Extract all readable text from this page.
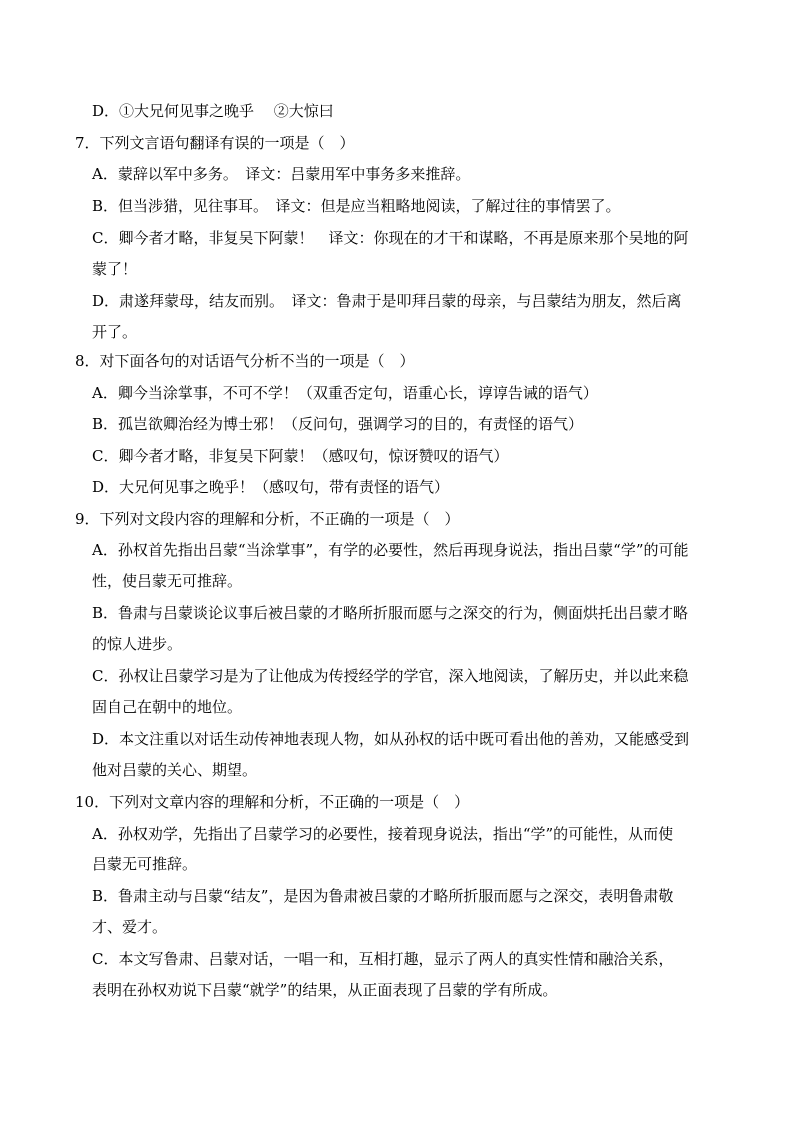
D．①大兄何见事之晚乎　 ②大惊曰
7．下列文言语句翻译有误的一项是（　）
A．蒙辞以军中多务。　译文：吕蒙用军中事务多来推辞。
B．但当涉猎，见往事耳。　译文：但是应当粗略地阅读，了解过往的事情罢了。
C．卿今者才略，非复吴下阿蒙！　译文：你现在的才干和谋略，不再是原来那个吴地的阿
蒙了！
D．肃遂拜蒙母，结友而别。　译文：鲁肃于是叩拜吕蒙的母亲，与吕蒙结为朋友，然后离
开了。
8．对下面各句的对话语气分析不当的一项是（　）
A．卿今当涂掌事，不可不学！（双重否定句，语重心长，谆谆告诫的语气）
B．孤岂欲卿治经为博士邪！（反问句，强调学习的目的，有责怪的语气）
C．卿今者才略，非复吴下阿蒙！（感叹句，惊讶赞叹的语气）
D．大兄何见事之晚乎！（感叹句，带有责怪的语气）
9．下列对文段内容的理解和分析，不正确的一项是（　）
A．孙权首先指出吕蒙“当涂掌事”，有学的必要性，然后再现身说法，指出吕蒙“学”的可能
性，使吕蒙无可推辞。
B．鲁肃与吕蒙谈论议事后被吕蒙的才略所折服而愿与之深交的行为，侧面烘托出吕蒙才略
的惊人进步。
C．孙权让吕蒙学习是为了让他成为传授经学的学官，深入地阅读，了解历史，并以此来稳
固自己在朝中的地位。
D．本文注重以对话生动传神地表现人物，如从孙权的话中既可看出他的善劝，又能感受到
他对吕蒙的关心、期望。
10．下列对文章内容的理解和分析，不正确的一项是（　）
A．孙权劝学，先指出了吕蒙学习的必要性，接着现身说法，指出“学”的可能性，从而使
吕蒙无可推辞。
B．鲁肃主动与吕蒙“结友”，是因为鲁肃被吕蒙的才略所折服而愿与之深交，表明鲁肃敬
才、爱才。
C．本文写鲁肃、吕蒙对话，一唱一和，互相打趣，显示了两人的真实性情和融洽关系，
表明在孙权劝说下吕蒙“就学”的结果，从正面表现了吕蒙的学有所成。
